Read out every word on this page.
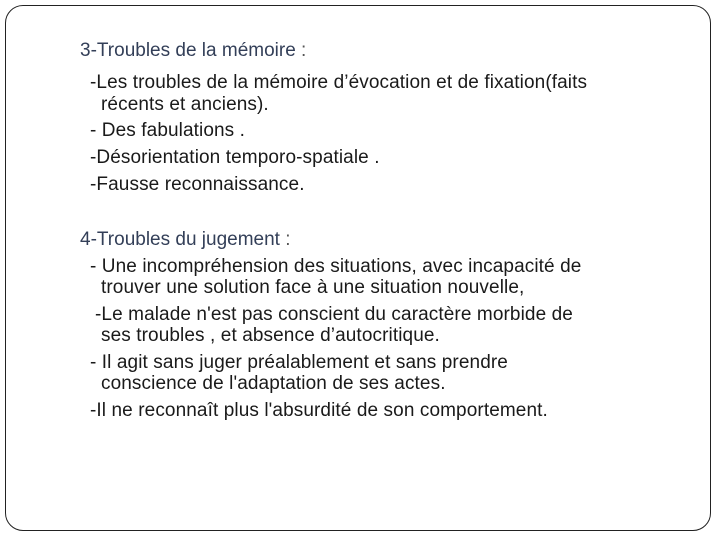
3-Troubles de la mémoire :
-Les troubles de la mémoire d’évocation et de fixation(faits
récents et anciens).
- Des fabulations .
-Désorientation temporo-spatiale .
-Fausse reconnaissance.
4-Troubles du jugement :
- Une incompréhension des situations, avec incapacité de
trouver une solution face à une situation nouvelle,
-Le malade n'est pas conscient du caractère morbide de
ses troubles , et absence d’autocritique.
- Il agit sans juger préalablement et sans prendre
conscience de l'adaptation de ses actes.
-Il ne reconnaît plus l'absurdité de son comportement.
